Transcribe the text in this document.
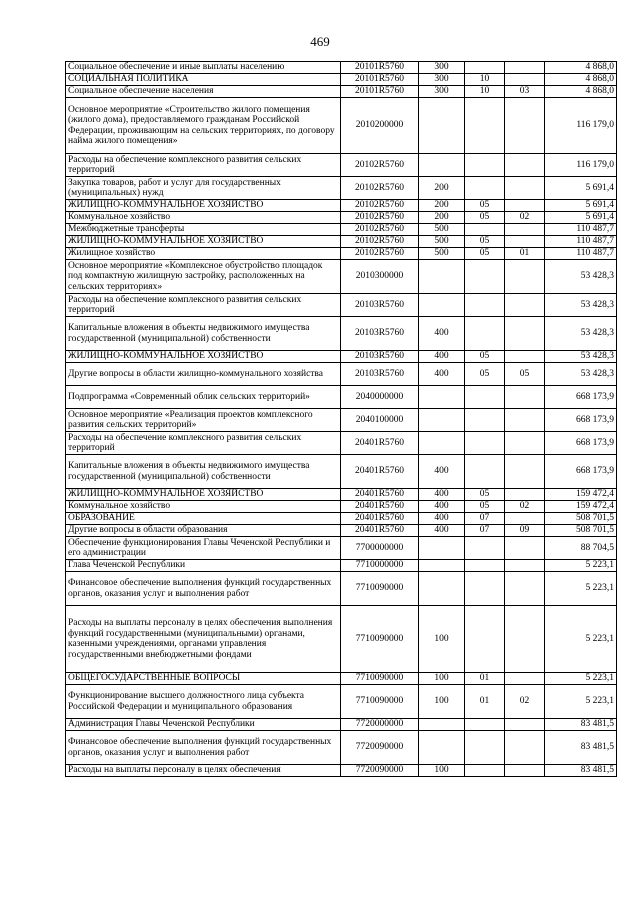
469
Социальное обеспечение и иные выплаты населению	20101R5760	300			4 868,0
СОЦИАЛЬНАЯ ПОЛИТИКА	20101R5760	300	10		4 868,0
Социальное обеспечение населения	20101R5760	300	10	03	4 868,0
Основное мероприятие «Строительство жилого помещения (жилого дома), предоставляемого гражданам Российской Федерации, проживающим на сельских территориях, по договору найма жилого помещения»	2010200000				116 179,0
Расходы на обеспечение комплексного развития сельских территорий	20102R5760				116 179,0
Закупка товаров, работ и услуг для государственных (муниципальных) нужд	20102R5760	200			5 691,4
ЖИЛИЩНО-КОММУНАЛЬНОЕ ХОЗЯЙСТВО	20102R5760	200	05		5 691,4
Коммунальное хозяйство	20102R5760	200	05	02	5 691,4
Межбюджетные трансферты	20102R5760	500			110 487,7
ЖИЛИЩНО-КОММУНАЛЬНОЕ ХОЗЯЙСТВО	20102R5760	500	05		110 487,7
Жилищное хозяйство	20102R5760	500	05	01	110 487,7
Основное мероприятие «Комплексное обустройство площадок под компактную жилищную застройку, расположенных на сельских территориях»	2010300000				53 428,3
Расходы на обеспечение комплексного развития сельских территорий	20103R5760				53 428,3
Капитальные вложения в объекты недвижимого имущества государственной (муниципальной) собственности	20103R5760	400			53 428,3
ЖИЛИЩНО-КОММУНАЛЬНОЕ ХОЗЯЙСТВО	20103R5760	400	05		53 428,3
Другие вопросы в области жилищно-коммунального хозяйства	20103R5760	400	05	05	53 428,3
Подпрограмма «Современный облик сельских территорий»	2040000000				668 173,9
Основное мероприятие «Реализация проектов комплексного развития сельских территорий»	2040100000				668 173,9
Расходы на обеспечение комплексного развития сельских территорий	20401R5760				668 173,9
Капитальные вложения в объекты недвижимого имущества государственной (муниципальной) собственности	20401R5760	400			668 173,9
ЖИЛИЩНО-КОММУНАЛЬНОЕ ХОЗЯЙСТВО	20401R5760	400	05		159 472,4
Коммунальное хозяйство	20401R5760	400	05	02	159 472,4
ОБРАЗОВАНИЕ	20401R5760	400	07		508 701,5
Другие вопросы в области образования	20401R5760	400	07	09	508 701,5
Обеспечение функционирования Главы Чеченской Республики и его администрации	7700000000				88 704,5
Глава Чеченской Республики	7710000000				5 223,1
Финансовое обеспечение выполнения функций государственных органов, оказания услуг и выполнения работ	7710090000				5 223,1
Расходы на выплаты персоналу в целях обеспечения выполнения функций государственными (муниципальными) органами, казенными учреждениями, органами управления государственными внебюджетными фондами	7710090000	100			5 223,1
ОБЩЕГОСУДАРСТВЕННЫЕ ВОПРОСЫ	7710090000	100	01		5 223,1
Функционирование высшего должностного лица субъекта Российской Федерации и муниципального образования	7710090000	100	01	02	5 223,1
Администрация Главы Чеченской Республики	7720000000				83 481,5
Финансовое обеспечение выполнения функций государственных органов, оказания услуг и выполнения работ	7720090000				83 481,5
Расходы на выплаты персоналу в целях обеспечения	7720090000	100			83 481,5
